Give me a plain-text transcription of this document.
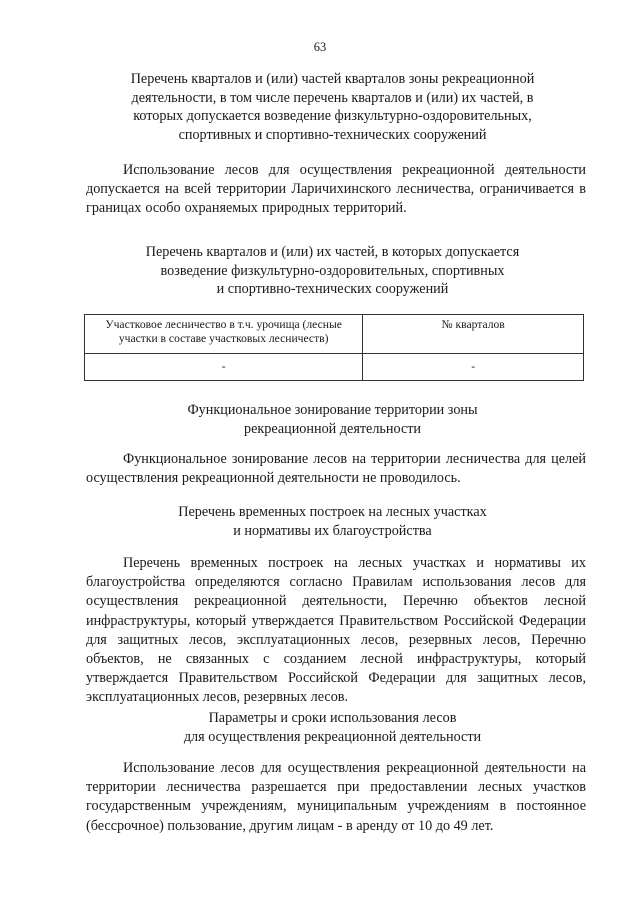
63
Перечень кварталов и (или) частей кварталов зоны рекреационной
деятельности, в том числе перечень кварталов и (или) их частей, в
которых допускается возведение физкультурно-оздоровительных,
спортивных и спортивно-технических сооружений
Использование лесов для осуществления рекреационной деятельности допускается на всей территории Ларичихинского лесничества, ограничивается в границах особо охраняемых природных территорий.
Перечень кварталов и (или) их частей, в которых допускается
возведение физкультурно-оздоровительных, спортивных
и спортивно-технических сооружений
Участковое лесничество в т.ч. урочища (лесные участки в составе участковых лесничеств)	№ кварталов
-	-
Функциональное зонирование территории зоны
рекреационной деятельности
Функциональное зонирование лесов на территории лесничества для целей осуществления рекреационной деятельности не проводилось.
Перечень временных построек на лесных участках
и нормативы их благоустройства
Перечень временных построек на лесных участках и нормативы их благоустройства определяются согласно Правилам использования лесов для осуществления рекреационной деятельности, Перечню объектов лесной инфраструктуры, который утверждается Правительством Российской Федерации для защитных лесов, эксплуатационных лесов, резервных лесов, Перечню объектов, не связанных с созданием лесной инфраструктуры, который утверждается Правительством Российской Федерации для защитных лесов, эксплуатационных лесов, резервных лесов.
Параметры и сроки использования лесов
для осуществления рекреационной деятельности
Использование лесов для осуществления рекреационной деятельности на территории лесничества разрешается при предоставлении лесных участков государственным учреждениям, муниципальным учреждениям в постоянное (бессрочное) пользование, другим лицам - в аренду от 10 до 49 лет.
